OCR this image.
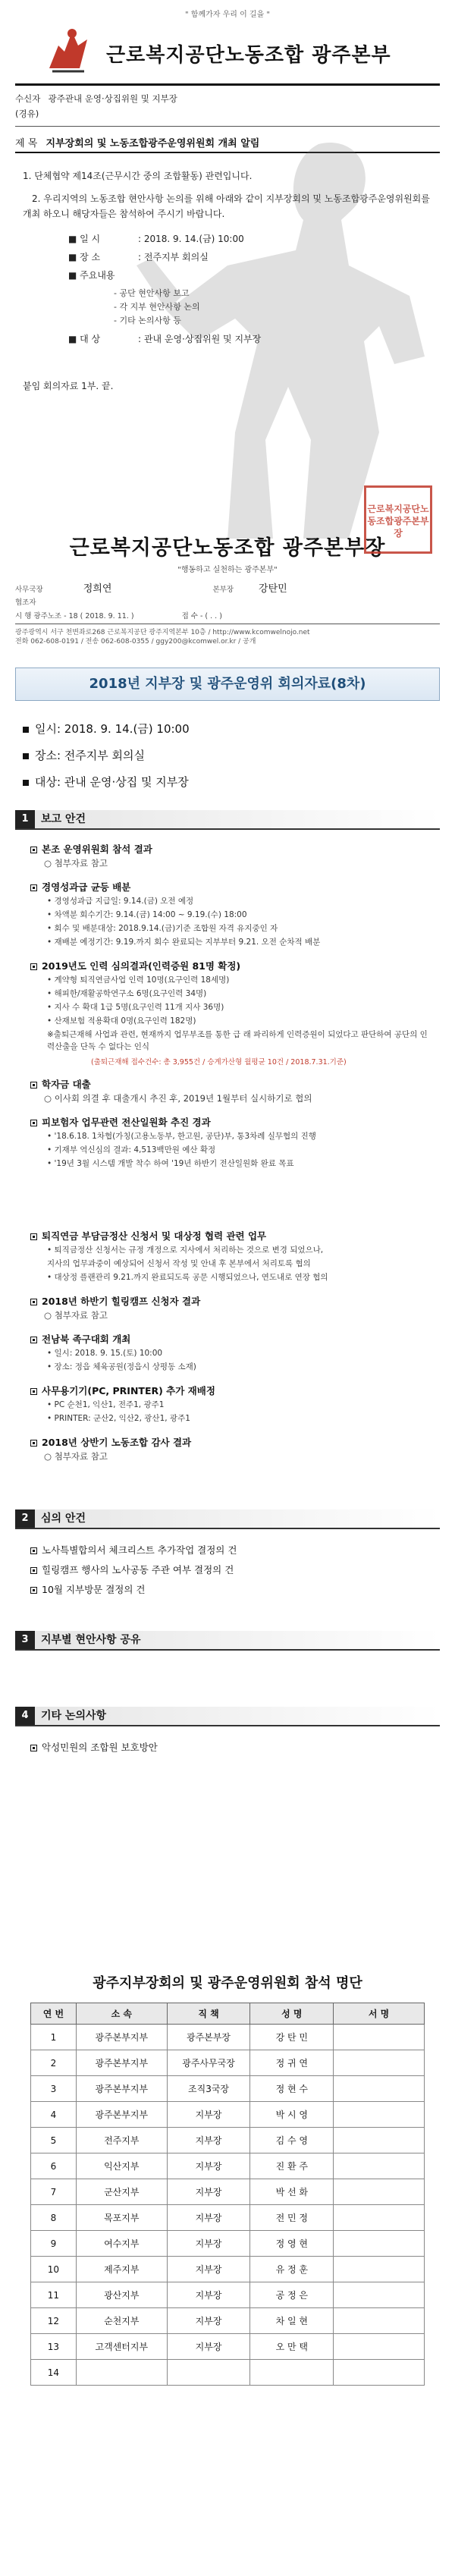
" 함께가자 우리 이 길을 "
근로복지공단노동조합 광주본부
수신자 광주관내 운영·상집위원 및 지부장
(경유)
제 목 지부장회의 및 노동조합광주운영위원회 개최 알림
1. 단체협약 제14조(근무시간 중의 조합활동) 관련입니다.
2. 우리지역의 노동조합 현안사항 논의를 위해 아래와 같이 지부장회의 및 노동조합광주운영위원회를 개최 하오니 해당자들은 참석하여 주시기 바랍니다.
■ 일 시	: 2018. 9. 14.(금) 10:00
■ 장 소	: 전주지부 회의실
■ 주요내용
- 공단 현안사항 보고
- 각 지부 현안사항 논의
- 기타 논의사항 등
■ 대 상	: 관내 운영·상집위원 및 지부장
붙임 회의자료 1부. 끝.
근로복지공단노동조합 광주본부장
"행동하고 실천하는 광주본부"
근로복지공단노동조합광주본부장
사무국장	정희연	본부장	강탄민
협조자
시 행 광주노조 - 18 ( 2018. 9. 11. )	접 수 - ( . . )
광주광역시 서구 천변좌로268 근로복지공단 광주지역본부 10층 / http://www.kcomwelnojo.net
전화 062-608-0191 / 전송 062-608-0355 / ggy200@kcomwel.or.kr / 공개
2018년 지부장 및 광주운영위 회의자료(8차)
일시: 2018. 9. 14.(금) 10:00
장소: 전주지부 회의실
대상: 관내 운영·상집 및 지부장
1	보고 안건
본조 운영위원회 참석 결과
○ 첨부자료 참고
경영성과급 균등 배분
• 경영성과급 지급일: 9.14.(금) 오전 예정
• 차액분 회수기간: 9.14.(금) 14:00 ~ 9.19.(수) 18:00
• 회수 및 배분대상: 2018.9.14.(금)기준 조합원 자격 유지중인 자
• 재배분 예정기간: 9.19.까지 회수 완료되는 지부부터 9.21. 오전 순차적 배분
2019년도 인력 심의결과(인력증원 81명 확정)
• 계약형 퇴직연금사업 인력 10명(요구인력 18세명)
• 해피한/재활공학연구소 6명(요구인력 34명)
• 지사 수 확대 1급 5명(요구인력 11개 지사 36명)
• 산재보험 적용확대 0명(요구인력 182명)
※출퇴근재해 사업과 관련, 현재까지 업무부조를 통한 급 래 파리하게 인력증원이 되었다고 판단하여 공단의 인력산출을 단독 수 없다는 인식
(출퇴근재해 접수건수: 총 3,955건 / 승계가산형 월평균 10건 / 2018.7.31.기준)
학자금 대출
○ 이사회 의결 후 대출개시 추진 후, 2019년 1월부터 실시하기로 협의
피보험자 업무관련 전산일원화 추진 경과
• '18.6.18. 1차협(가칭(고용노동부, 한고원, 공단)부, 통3차례 실무협의 진행
• 기재부 역신심의 결과: 4,513백만원 예산 확정
• '19년 3월 시스템 개발 착수 하여 '19년 하반기 전산일원화 완료 목표
퇴직연금 부담금정산 신청서 및 대상정 협력 관련 업무
• 퇴직금정산 신청서는 규정 개정으로 지사에서 처리하는 것으로 변경 되었으나,
지사의 업무과중이 예상되어 신청서 작성 및 안내 후 본부에서 처리토록 협의
• 대상정 플랜관리 9.21.까지 완료되도록 공문 시행되었으나, 연도내로 연장 협의
2018년 하반기 힐링캠프 신청자 결과
○ 첨부자료 참고
전남북 족구대회 개최
• 일시: 2018. 9. 15.(토) 10:00
• 장소: 정읍 체육공원(정읍시 상평동 소재)
사무용기기(PC, PRINTER) 추가 재배정
• PC 순천1, 익산1, 전주1, 광주1
• PRINTER: 군산2, 익산2, 광산1, 광주1
2018년 상반기 노동조합 감사 결과
○ 첨부자료 참고
2	심의 안건
노사특별합의서 체크리스트 추가작업 결정의 건
힐링캠프 행사의 노사공동 주관 여부 결정의 건
10월 지부방문 결정의 건
3	지부별 현안사항 공유
4	기타 논의사항
악성민원의 조합원 보호방안
광주지부장회의 및 광주운영위원회 참석 명단
연 번	소 속	직 책	성 명	서 명
1	광주본부지부	광주본부장	강 탄 민	
2	광주본부지부	광주사무국장	정 귀 연	
3	광주본부지부	조직3국장	정 현 수	
4	광주본부지부	지부장	박 시 영	
5	전주지부	지부장	김 수 영	
6	익산지부	지부장	진 환 주	
7	군산지부	지부장	박 선 화	
8	목포지부	지부장	전 민 정	
9	여수지부	지부장	정 영 현	
10	제주지부	지부장	유 정 훈	
11	광산지부	지부장	공 정 은	
12	순천지부	지부장	차 일 현	
13	고객센터지부	지부장	오 만 택	
14				
